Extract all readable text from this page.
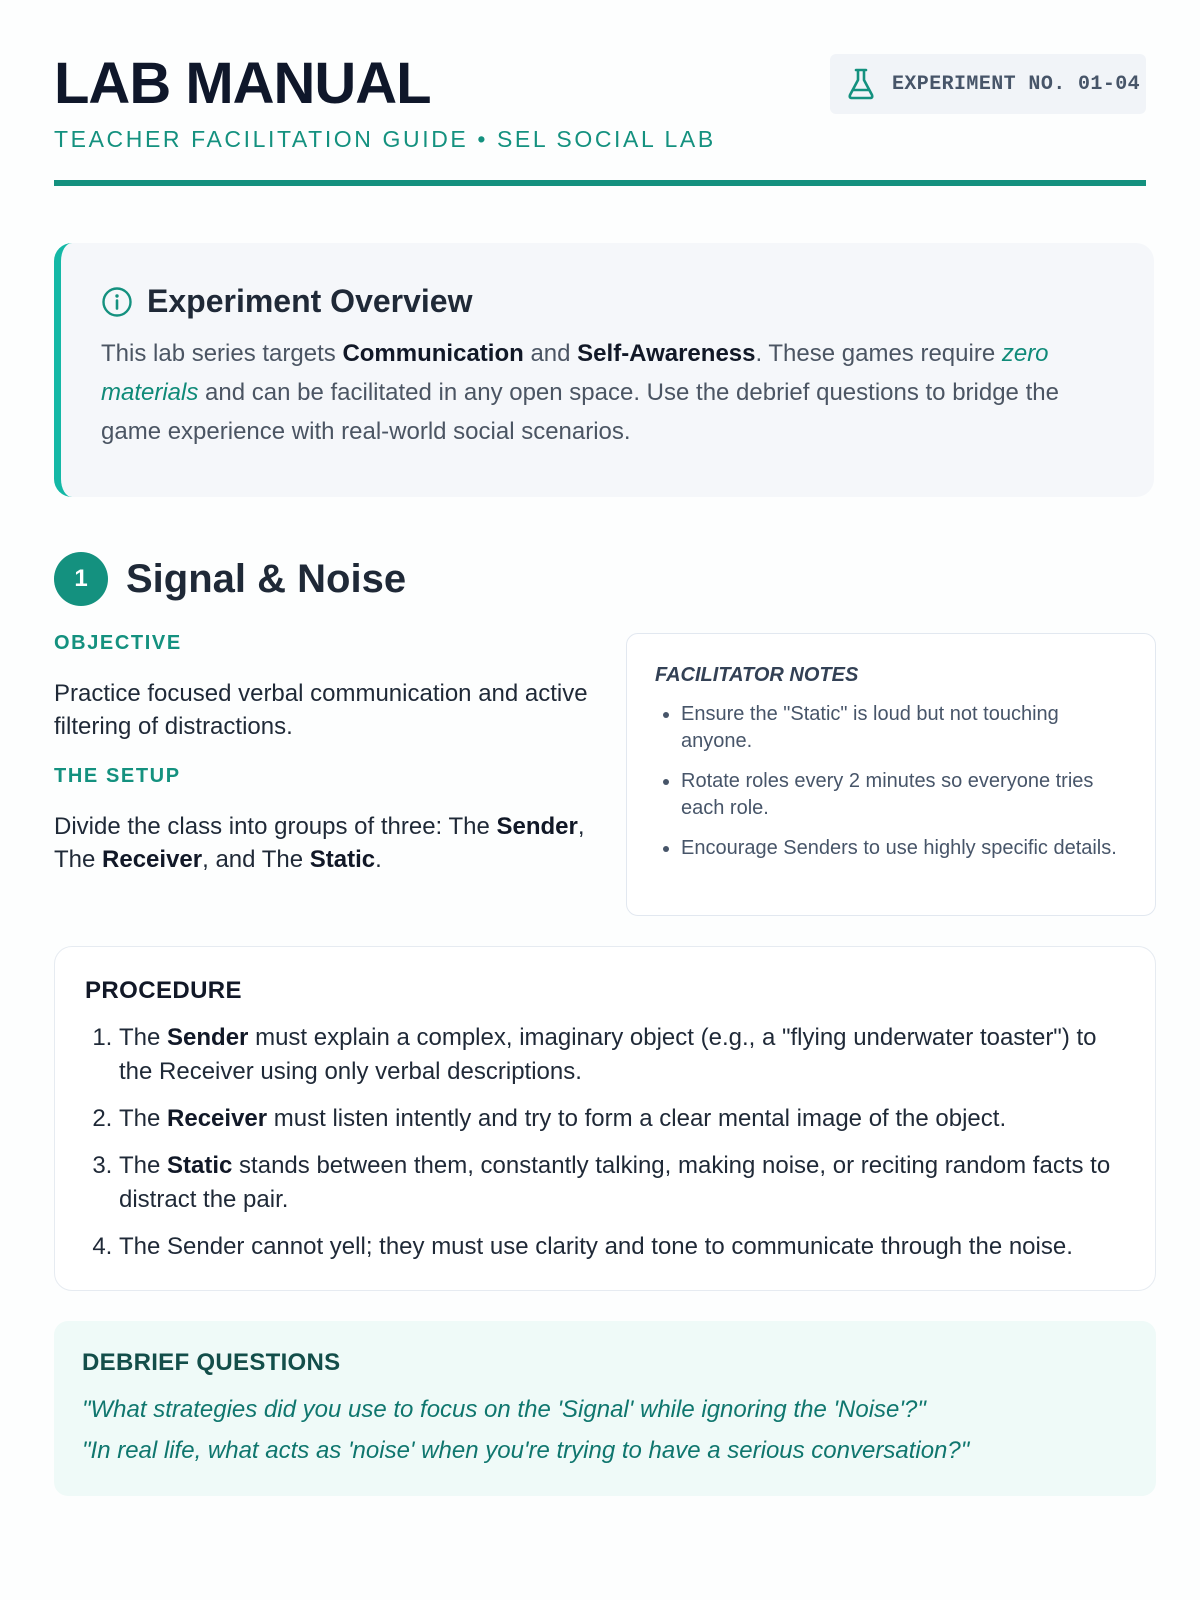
LAB MANUAL
TEACHER FACILITATION GUIDE • SEL SOCIAL LAB
EXPERIMENT NO. 01-04
Experiment Overview
This lab series targets Communication and Self-Awareness. These games require zero materials and can be facilitated in any open space. Use the debrief questions to bridge the game experience with real-world social scenarios.
1 Signal & Noise
OBJECTIVE
Practice focused verbal communication and active filtering of distractions.
THE SETUP
Divide the class into groups of three: The Sender, The Receiver, and The Static.
FACILITATOR NOTES
• Ensure the "Static" is loud but not touching anyone.
• Rotate roles every 2 minutes so everyone tries each role.
• Encourage Senders to use highly specific details.
PROCEDURE
1. The Sender must explain a complex, imaginary object (e.g., a "flying underwater toaster") to the Receiver using only verbal descriptions.
2. The Receiver must listen intently and try to form a clear mental image of the object.
3. The Static stands between them, constantly talking, making noise, or reciting random facts to distract the pair.
4. The Sender cannot yell; they must use clarity and tone to communicate through the noise.
DEBRIEF QUESTIONS
"What strategies did you use to focus on the 'Signal' while ignoring the 'Noise'?"
"In real life, what acts as 'noise' when you're trying to have a serious conversation?"
